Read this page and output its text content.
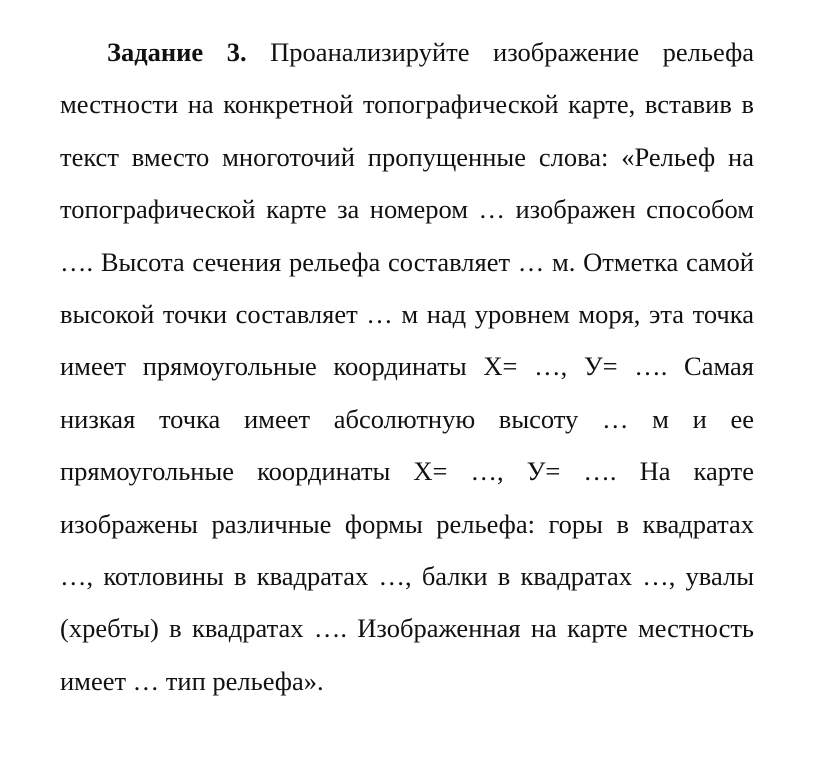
Задание 3. Проанализируйте изображение рельефа
местности на конкретной топографической карте, вставив в
текст вместо многоточий пропущенные слова: «Рельеф на
топографической карте за номером … изображен способом
…. Высота сечения рельефа составляет … м. Отметка самой
высокой точки составляет … м над уровнем моря, эта точка
имеет прямоугольные координаты Х= …, У= …. Самая
низкая точка имеет абсолютную высоту … м и ее
прямоугольные координаты Х= …, У= …. На карте
изображены различные формы рельефа: горы в квадратах
…, котловины в квадратах …, балки в квадратах …, увалы
(хребты) в квадратах …. Изображенная на карте местность
имеет … тип рельефа».
